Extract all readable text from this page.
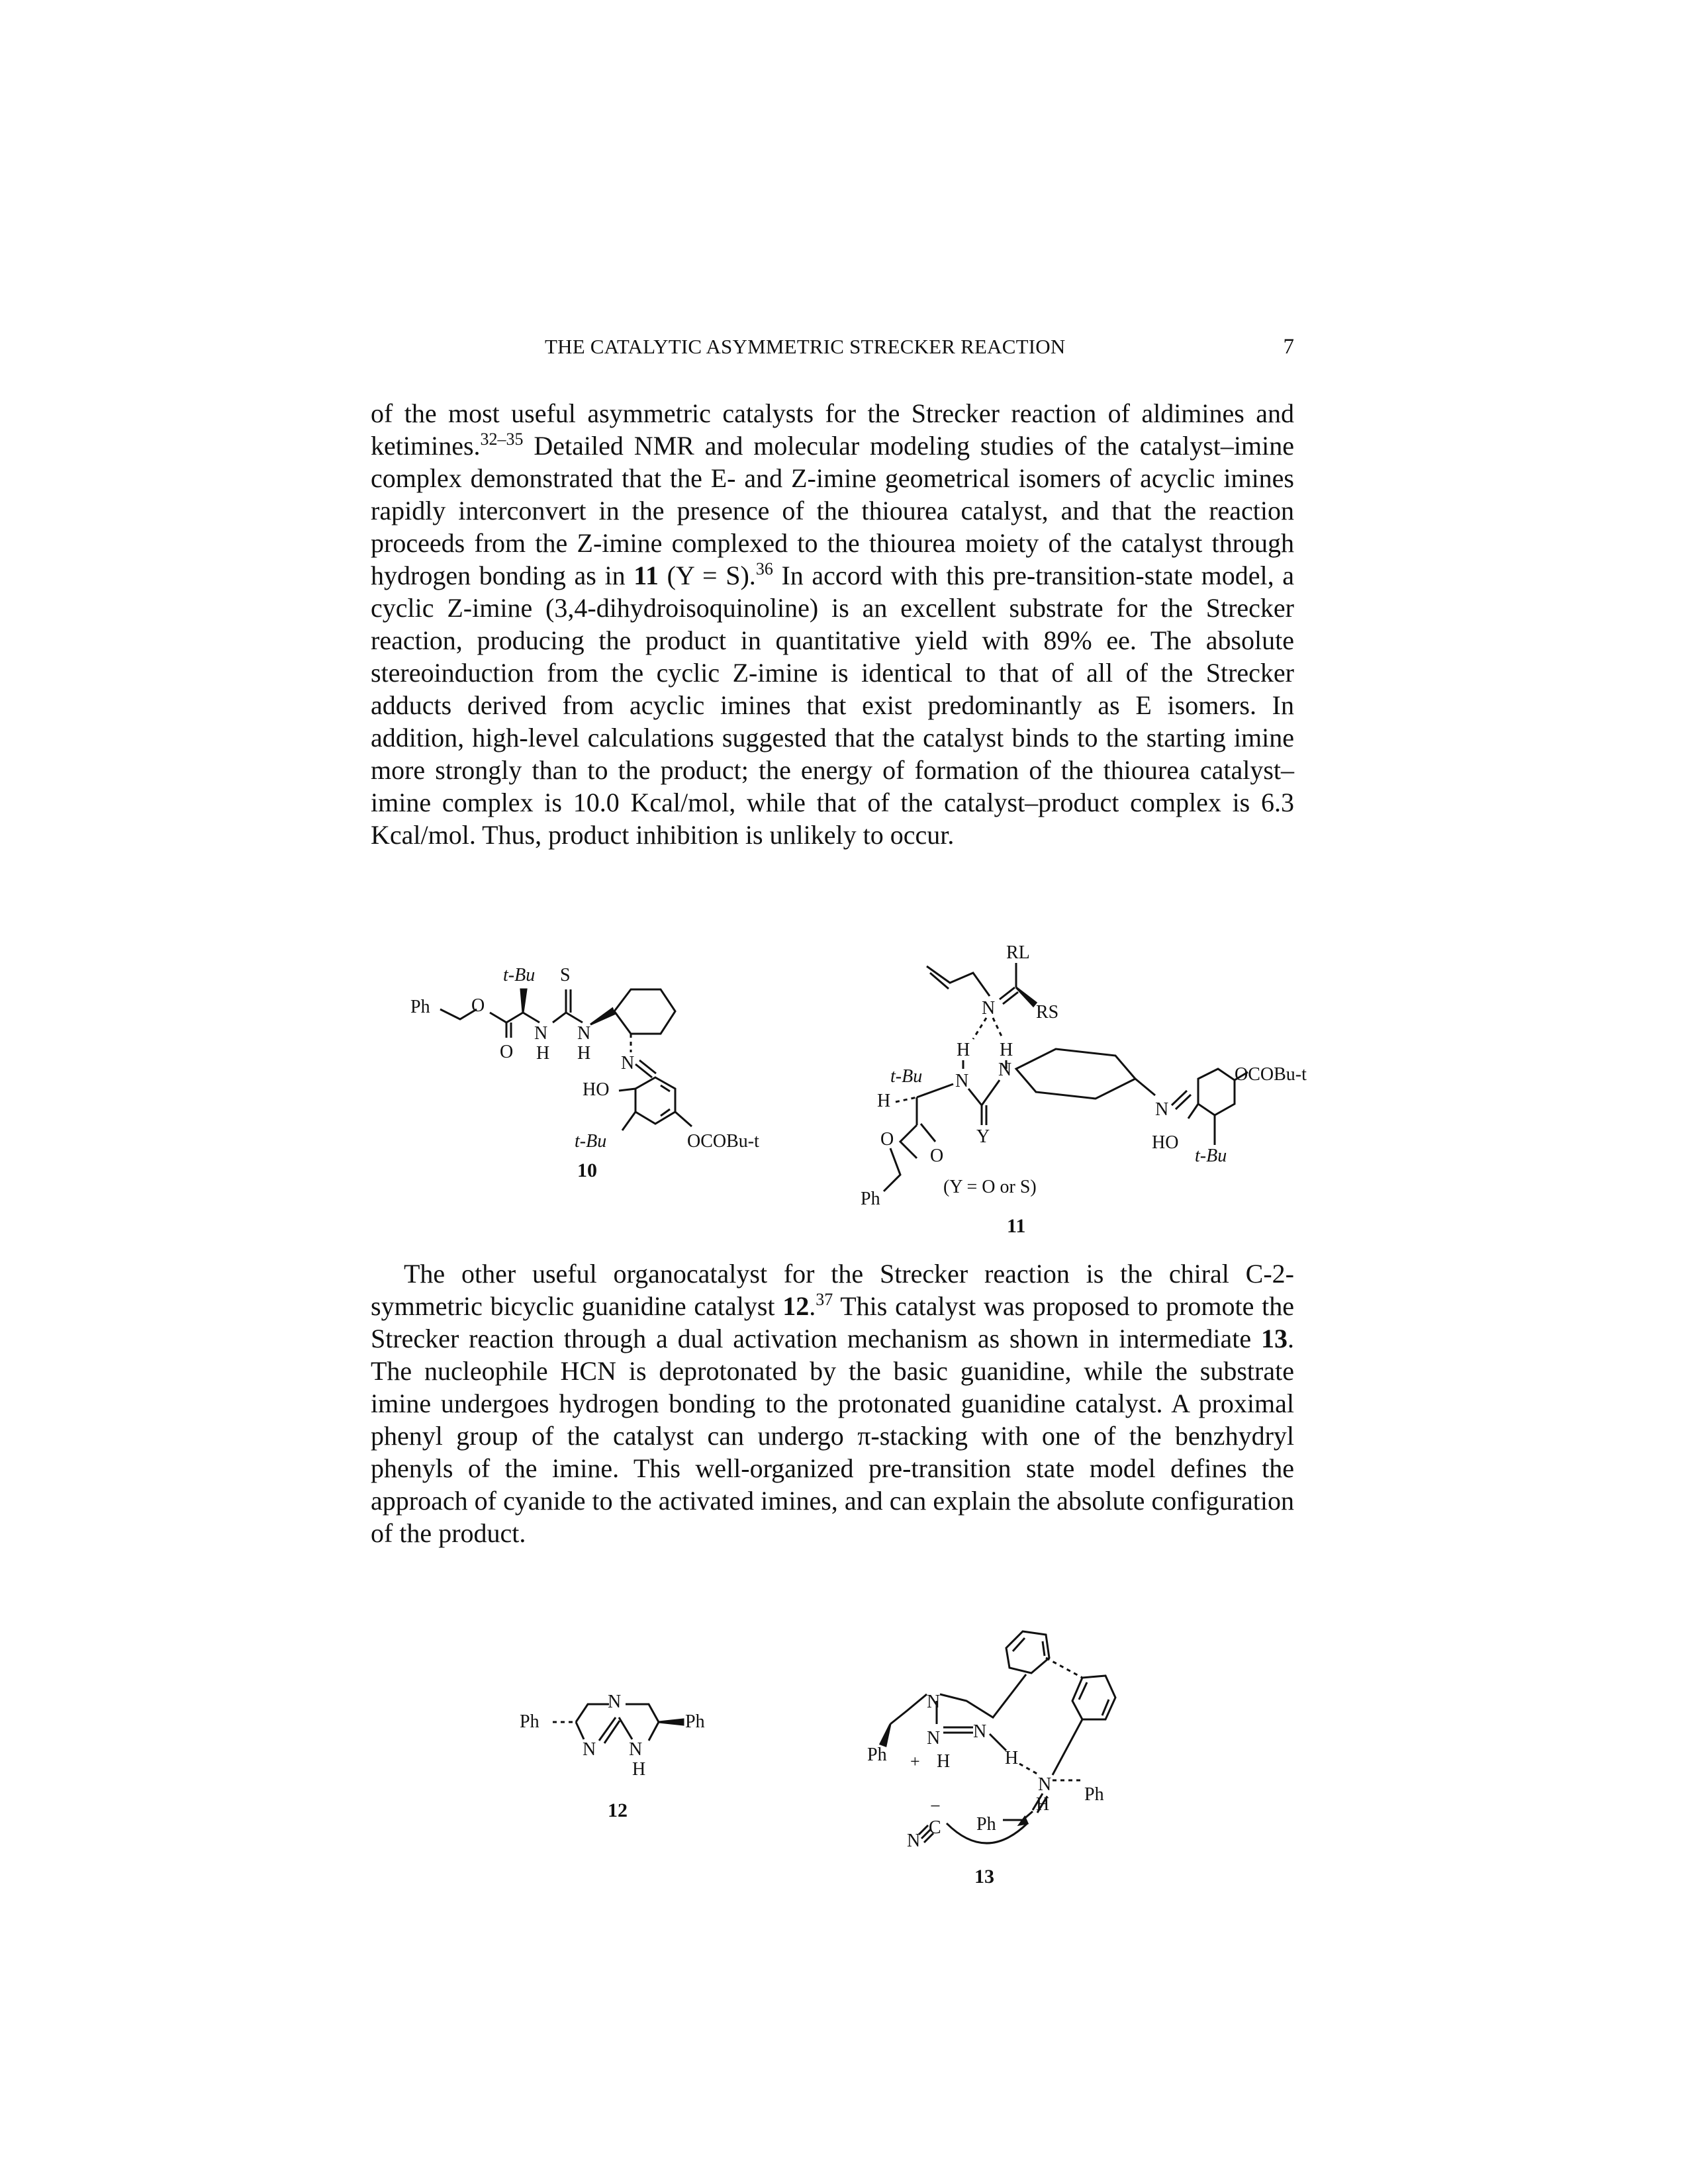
THE CATALYTIC ASYMMETRIC STRECKER REACTION	7

of the most useful asymmetric catalysts for the Strecker reaction of aldimines and ketimines.$^{32-35}$ Detailed NMR and molecular modeling studies of the catalyst–imine complex demonstrated that the E- and Z-imine geometrical isomers of acyclic imines rapidly interconvert in the presence of the thiourea catalyst, and that the reaction proceeds from the Z-imine complexed to the thiourea moiety of the catalyst through hydrogen bonding as in 11 (Y = S).$^{36}$ In accord with this pre-transition-state model, a cyclic Z-imine (3,4-dihydroisoquinoline) is an excellent substrate for the Strecker reaction, producing the product in quantitative yield with 89% ee. The absolute stereoinduction from the cyclic Z-imine is identical to that of all of the Strecker adducts derived from acyclic imines that exist predominantly as E isomers. In addition, high-level calculations suggested that the catalyst binds to the starting imine more strongly than to the product; the energy of formation of the thiourea catalyst–imine complex is 10.0 Kcal/mol, while that of the catalyst–product complex is 6.3 Kcal/mol. Thus, product inhibition is unlikely to occur.

Ph O
O
t-Bu
N
H
S
N
H N
HO
t-Bu	OCOBu-t
10
N
RL
RS
H H
t-Bu N
N
Y
H
O
O
Ph
(Y = O or S)
N
OCOBu-t
HO
t-Bu
11

The other useful organocatalyst for the Strecker reaction is the chiral C-2-symmetric bicyclic guanidine catalyst 12.37 This catalyst was proposed to promote the Strecker reaction through a dual activation mechanism as shown in intermediate 13. The nucleophile HCN is deprotonated by the basic guanidine, while the substrate imine undergoes hydrogen bonding to the protonated guanidine catalyst. A proximal phenyl group of the catalyst can undergo π-stacking with one of the benzhydryl phenyls of the imine. This well-organized pre-transition state model defines the approach of cyanide to the activated imines, and can explain the absolute configuration of the product.

Ph
N
N
N
H
Ph
12
N
Ph
N N
+ H	H
N Ph
H
Ph
N
C
−
13
